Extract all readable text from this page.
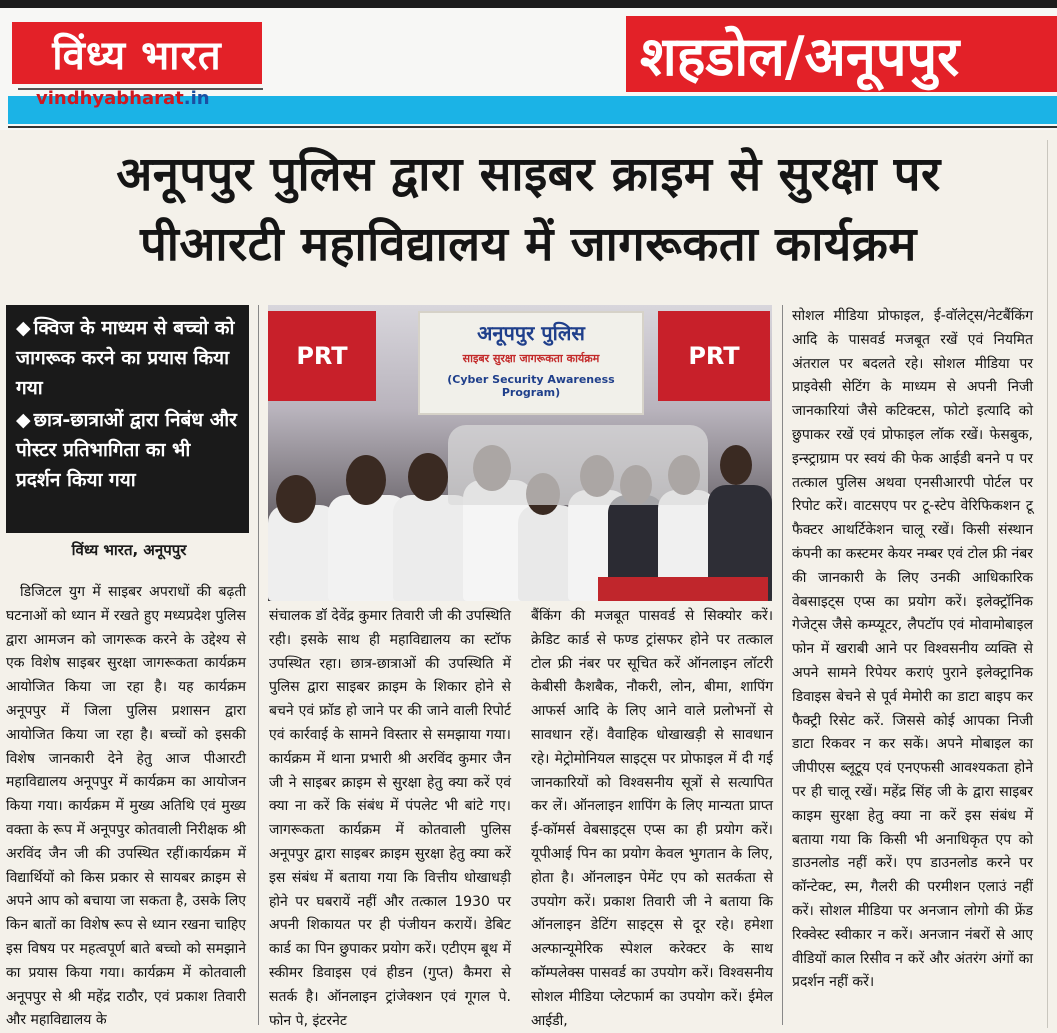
विंध्य भारत
vindhyabharat.in
शहडोल/अनूपपुर
अनूपपुर पुलिस द्वारा साइबर क्राइम से सुरक्षा पर
पीआरटी महाविद्यालय में जागरूकता कार्यक्रम
◆ क्विज के माध्यम से बच्चो को जागरूक करने का प्रयास किया गया
◆ छात्र-छात्राओं द्वारा निबंध और पोस्टर प्रतिभागिता का भी प्रदर्शन किया गया
विंध्य भारत, अनूपपुर
PRT	PRT
अनूपपुर पुलिस
साइबर सुरक्षा जागरूकता कार्यक्रम
(Cyber Security Awareness Program)

डिजिटल युग में साइबर अपराधों की बढ़ती घटनाओं को ध्यान में रखते हुए मध्यप्रदेश पुलिस द्वारा आमजन को जागरूक करने के उद्देश्य से एक विशेष साइबर सुरक्षा जागरूकता कार्यक्रम आयोजित किया जा रहा है। यह कार्यक्रम अनूपपुर में जिला पुलिस प्रशासन द्वारा आयोजित किया जा रहा है। बच्चों को इसकी विशेष जानकारी देने हेतु आज पीआरटी महाविद्यालय अनूपपुर में कार्यक्रम का आयोजन किया गया। कार्यक्रम में मुख्य अतिथि एवं मुख्य वक्ता के रूप में अनूपपुर कोतवाली निरीक्षक श्री अरविंद जैन जी की उपस्थित रहीं।कार्यक्रम में विद्यार्थियों को किस प्रकार से सायबर क्राइम से अपने आप को बचाया जा सकता है, उसके लिए किन बातों का विशेष रूप से ध्यान रखना चाहिए इस विषय पर महत्वपूर्ण बाते बच्चो को समझाने का प्रयास किया गया। कार्यक्रम में कोतवाली अनूपपुर से श्री महेंद्र राठौर, एवं प्रकाश तिवारी और महाविद्यालय के

संचालक डॉ देवेंद्र कुमार तिवारी जी की उपस्थिति रही। इसके साथ ही महाविद्यालय का स्टॉफ उपस्थित रहा। छात्र-छात्राओं की उपस्थिति में पुलिस द्वारा साइबर क्राइम के शिकार होने से बचने एवं फ्रॉड हो जाने पर की जाने वाली रिपोर्ट एवं कार्रवाई के सामने विस्तार से समझाया गया। कार्यक्रम में थाना प्रभारी श्री अरविंद कुमार जैन जी ने साइबर क्राइम से सुरक्षा हेतु क्या करें एवं क्या ना करें कि संबंध में पंपलेट भी बांटे गए। जागरूकता कार्यक्रम में कोतवाली पुलिस अनूपपुर द्वारा साइबर क्राइम सुरक्षा हेतु क्या करें इस संबंध में बताया गया कि वित्तीय धोखाधड़ी होने पर घबरायें नहीं और तत्काल 1930 पर अपनी शिकायत पर ही पंजीयन करायें। डेबिट कार्ड का पिन छुपाकर प्रयोग करें। एटीएम बूथ में स्कीमर डिवाइस एवं हीडन (गुप्त) कैमरा से सतर्क है। ऑनलाइन ट्रांजेक्शन एवं गूगल पे. फोन पे, इंटरनेट

बैंकिंग की मजबूत पासवर्ड से सिक्योर करें। क्रेडिट कार्ड से फण्ड ट्रांसफर होने पर तत्काल टोल फ्री नंबर पर सूचित करें ऑनलाइन लॉटरी केबीसी कैशबैक, नौकरी, लोन, बीमा, शापिंग आफर्स आदि के लिए आने वाले प्रलोभनों से सावधान रहें। वैवाहिक धोखाखड़ी से सावधान रहे। मेट्रोमोनियल साइट्स पर प्रोफाइल में दी गई जानकारियों को विश्वसनीय सूत्रों से सत्यापित कर लें। ऑनलाइन शापिंग के लिए मान्यता प्राप्त ई-कॉमर्स वेबसाइट्स एप्स का ही प्रयोग करें। यूपीआई पिन का प्रयोग केवल भुगतान के लिए, होता है। ऑनलाइन पेमेंट एप को सतर्कता से उपयोग करें। प्रकाश तिवारी जी ने बताया कि ऑनलाइन डेटिंग साइट्स से दूर रहे। हमेशा अल्फान्यूमेरिक स्पेशल करेक्टर के साथ कॉम्पलेक्स पासवर्ड का उपयोग करें। विश्वसनीय सोशल मीडिया प्लेटफार्म का उपयोग करें। ईमेल आईडी,

सोशल मीडिया प्रोफाइल, ई-वॉलेट्स/नेटबैंकिंग आदि के पासवर्ड मजबूत रखें एवं नियमित अंतराल पर बदलते रहे। सोशल मीडिया पर प्राइवेसी सेटिंग के माध्यम से अपनी निजी जानकारियां जैसे कटिक्टस, फोटो इत्यादि को छुपाकर रखें एवं प्रोफाइल लॉक रखें। फेसबुक, इन्स्ट्राग्राम पर स्वयं की फेक आईडी बनने प पर तत्काल पुलिस अथवा एनसीआरपी पोर्टल पर रिपोट करें। वाटसएप पर टू-स्टेप वेरिफिकशन टू फैक्टर आथर्टिकेशन चालू रखें। किसी संस्थान कंपनी का कस्टमर केयर नम्बर एवं टोल फ्री नंबर की जानकारी के लिए उनकी आधिकारिक वेबसाइट्स एप्स का प्रयोग करें। इलेक्ट्रॉनिक गेजेट्स जैसे कम्प्यूटर, लैपटॉप एवं मोवामोबाइल फोन में खराबी आने पर विश्वसनीय व्यक्ति से अपने सामने रिपेयर कराएं पुराने इलेक्ट्रानिक डिवाइस बेचने से पूर्व मेमोरी का डाटा बाइप कर फैक्ट्री रिसेट करें. जिससे कोई आपका निजी डाटा रिकवर न कर सकें। अपने मोबाइल का जीपीएस ब्लूटूय एवं एनएफसी आवश्यकता होने पर ही चालू रखें। महेंद्र सिंह जी के द्वारा साइबर काइम सुरक्षा हेतु क्या ना करें इस संबंध में बताया गया कि किसी भी अनाधिकृत एप को डाउनलोड नहीं करें। एप डाउनलोड करने पर कॉन्टेक्ट, स्म, गैलरी की परमीशन एलाउं नहीं करें। सोशल मीडिया पर अनजान लोगो की फ्रेंड रिक्वेस्ट स्वीकार न करें। अनजान नंबरों से आए वीडियों काल रिसीव न करें और अंतरंग अंगों का प्रदर्शन नहीं करें।
